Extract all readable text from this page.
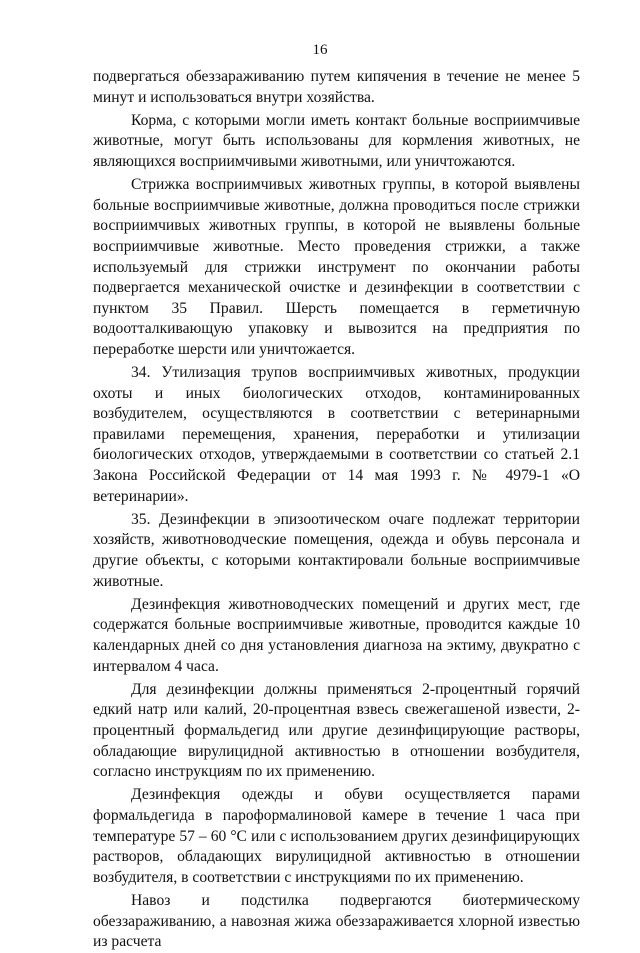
16

подвергаться обеззараживанию путем кипячения в течение не менее 5 минут и использоваться внутри хозяйства.

Корма, с которыми могли иметь контакт больные восприимчивые животные, могут быть использованы для кормления животных, не являющихся восприимчивыми животными, или уничтожаются.

Стрижка восприимчивых животных группы, в которой выявлены больные восприимчивые животные, должна проводиться после стрижки восприимчивых животных группы, в которой не выявлены больные восприимчивые животные. Место проведения стрижки, а также используемый для стрижки инструмент по окончании работы подвергается механической очистке и дезинфекции в соответствии с пунктом 35 Правил. Шерсть помещается в герметичную водоотталкивающую упаковку и вывозится на предприятия по переработке шерсти или уничтожается.

34. Утилизация трупов восприимчивых животных, продукции охоты и иных биологических отходов, контаминированных возбудителем, осуществляются в соответствии с ветеринарными правилами перемещения, хранения, переработки и утилизации биологических отходов, утверждаемыми в соответствии со статьей 2.1 Закона Российской Федерации от 14 мая 1993 г. № 4979-1 «О ветеринарии».

35. Дезинфекции в эпизоотическом очаге подлежат территории хозяйств, животноводческие помещения, одежда и обувь персонала и другие объекты, с которыми контактировали больные восприимчивые животные.

Дезинфекция животноводческих помещений и других мест, где содержатся больные восприимчивые животные, проводится каждые 10 календарных дней со дня установления диагноза на эктиму, двукратно с интервалом 4 часа.

Для дезинфекции должны применяться 2-процентный горячий едкий натр или калий, 20-процентная взвесь свежегашеной извести, 2-процентный формальдегид или другие дезинфицирующие растворы, обладающие вирулицидной активностью в отношении возбудителя, согласно инструкциям по их применению.

Дезинфекция одежды и обуви осуществляется парами формальдегида в пароформалиновой камере в течение 1 часа при температуре 57 – 60 °С или с использованием других дезинфицирующих растворов, обладающих вирулицидной активностью в отношении возбудителя, в соответствии с инструкциями по их применению.

Навоз и подстилка подвергаются биотермическому обеззараживанию, а навозная жижа обеззараживается хлорной известью из расчета
